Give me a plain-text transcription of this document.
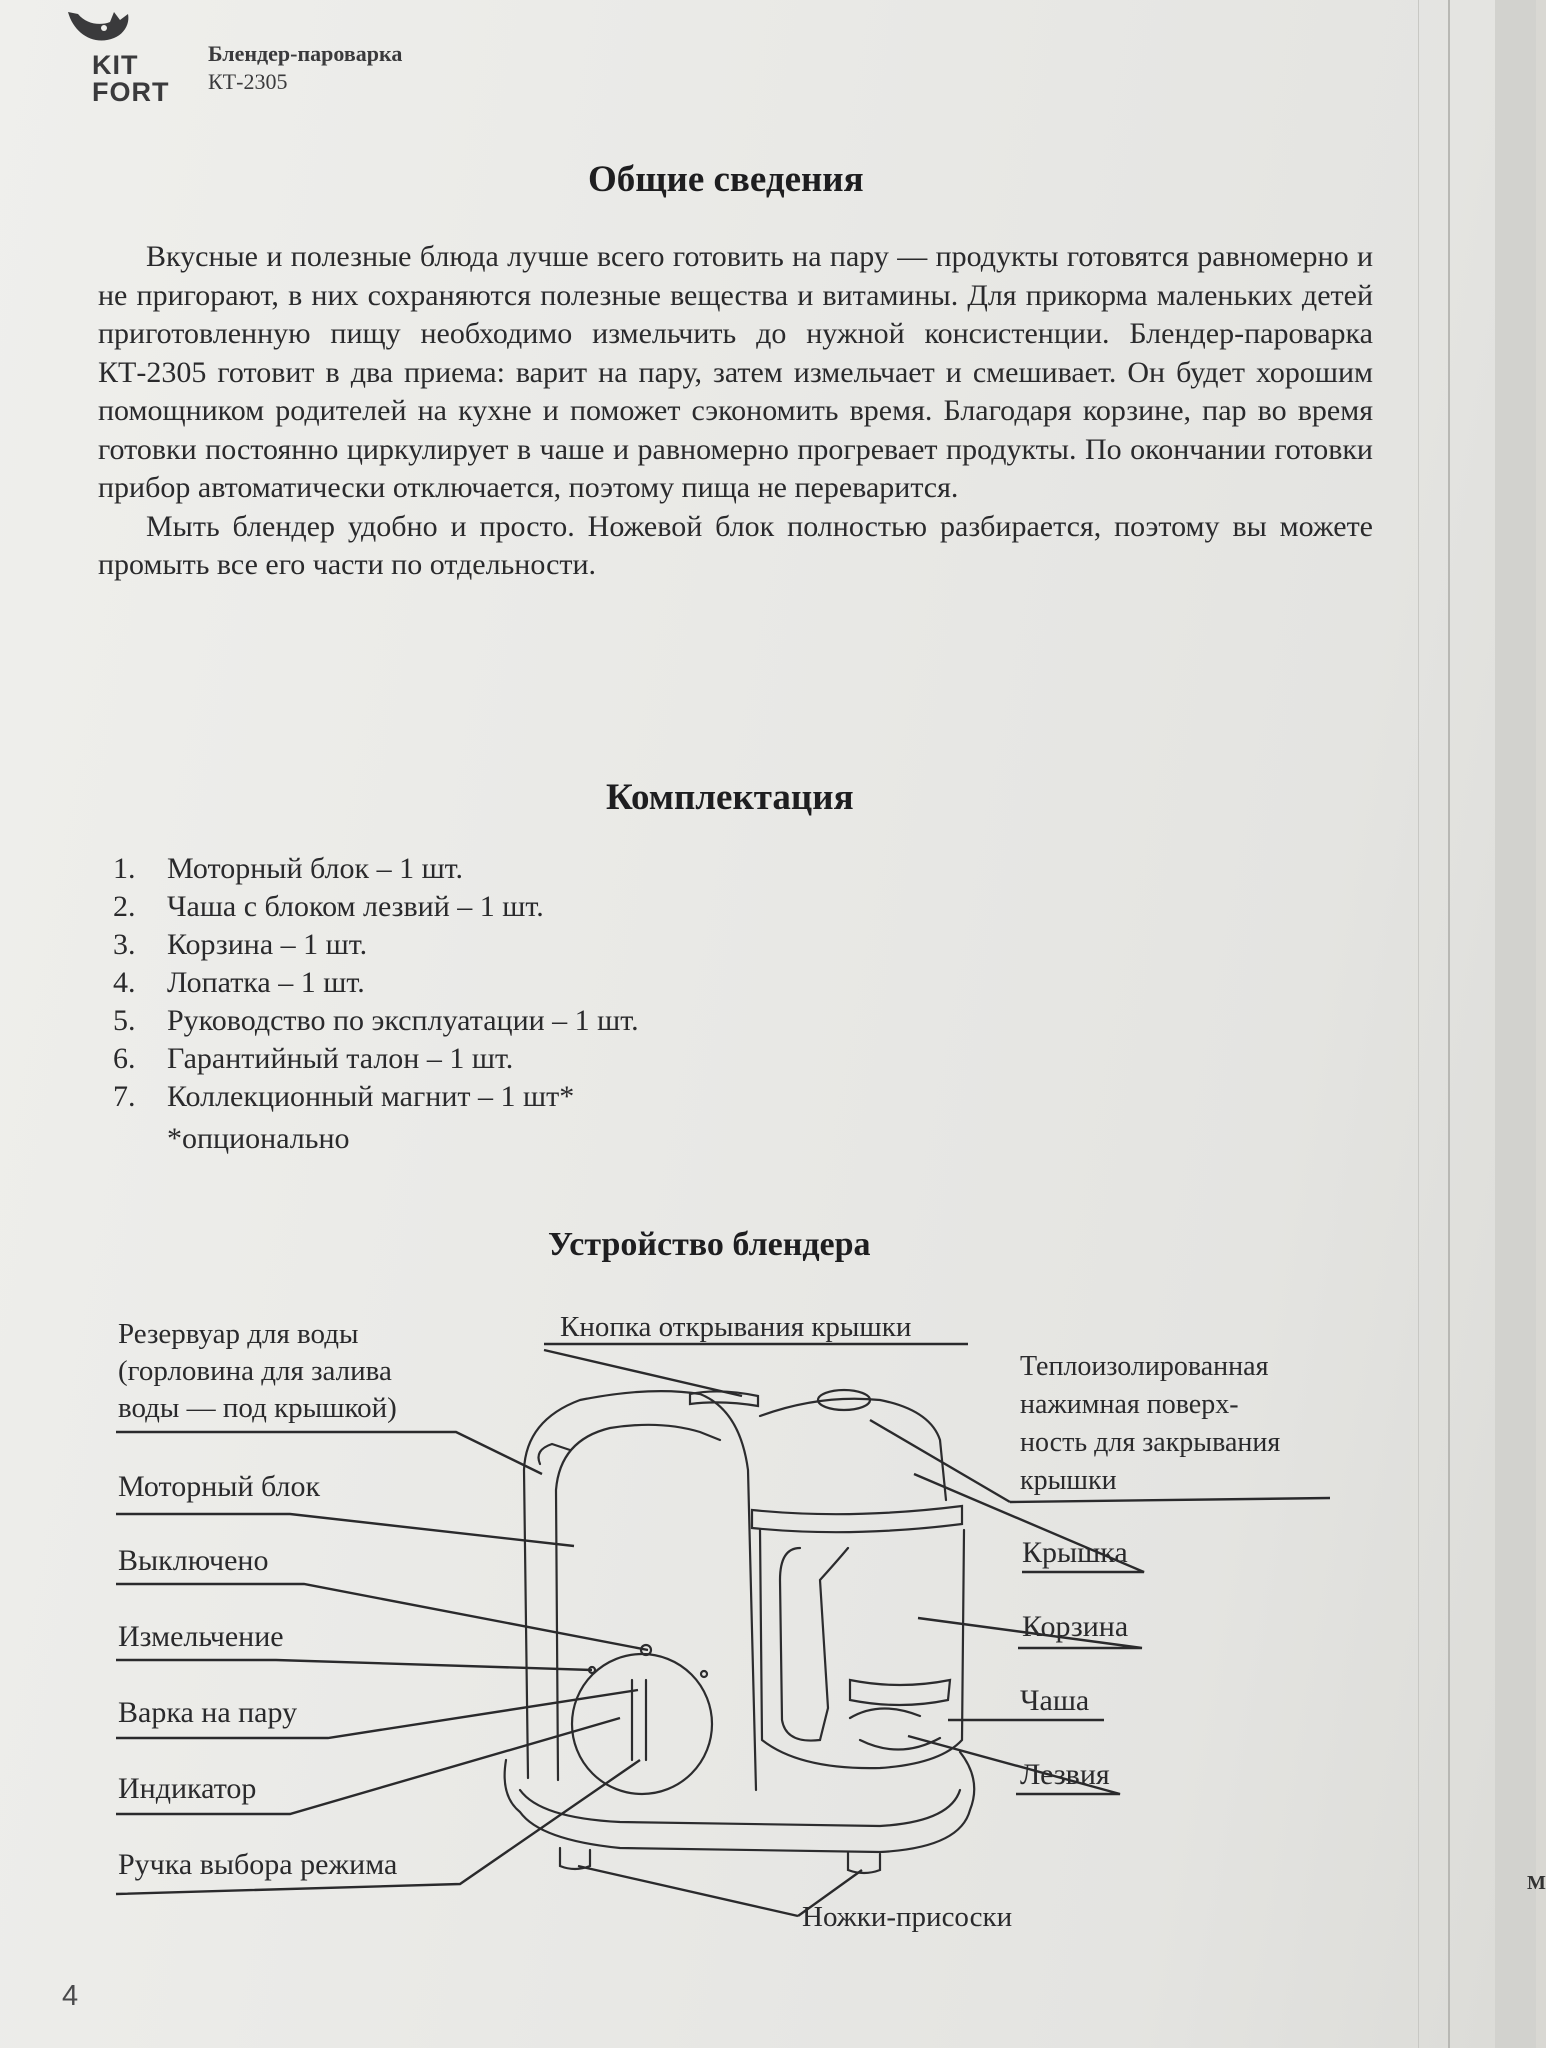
KIT
FORT
Блендер-пароварка
КТ-2305
Общие сведения

Вкусные и полезные блюда лучше всего готовить на пару — продукты готовятся равномерно и не пригорают, в них сохраняются полезные вещества и витамины. Для прикорма маленьких детей приготовленную пищу необходимо измельчить до нужной консистенции. Блендер-пароварка КТ-2305 готовит в два приема: варит на пару, затем измельчает и смешивает. Он будет хорошим помощником родителей на кухне и поможет сэкономить время. Благодаря корзине, пар во время готовки постоянно циркулирует в чаше и равномерно прогревает продукты. По окончании готовки прибор автоматически отключается, поэтому пища не переварится.

Мыть блендер удобно и просто. Ножевой блок полностью разбирается, поэтому вы можете промыть все его части по отдельности.

Комплектация
1.	Моторный блок – 1 шт.
2.	Чаша с блоком лезвий – 1 шт.
3.	Корзина – 1 шт.
4.	Лопатка – 1 шт.
5.	Руководство по эксплуатации – 1 шт.
6.	Гарантийный талон – 1 шт.
7.	Коллекционный магнит – 1 шт*
*опционально
Устройство блендера
Резервуар для воды
(горловина для залива
воды — под крышкой)
Кнопка открывания крышки
Теплоизолированная
нажимная поверх-
ность для закрывания
крышки
Моторный блок
Выключено
Измельчение
Варка на пару
Индикатор
Ручка выбора режима
Крышка
Корзина
Чаша
Лезвия
Ножки-присоски
4
М
